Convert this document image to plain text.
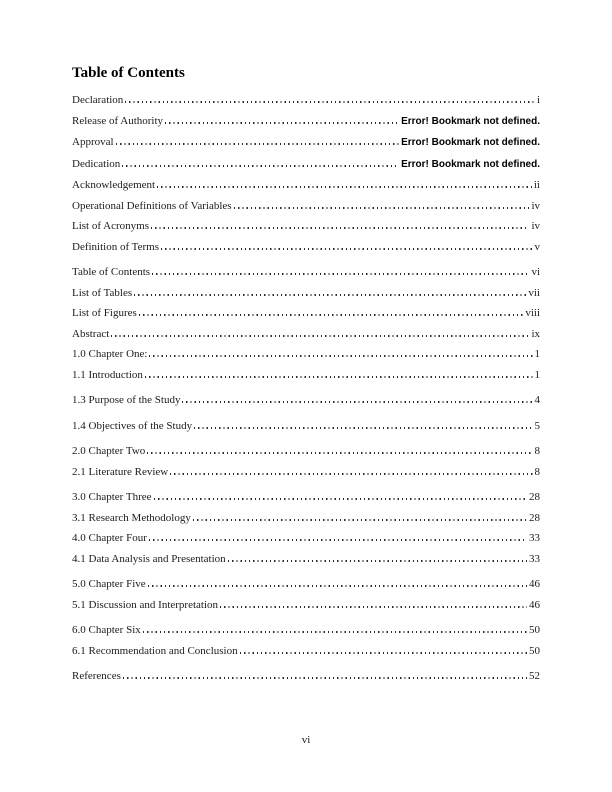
Table of Contents
Declaration	i
Release of Authority	Error! Bookmark not defined.
Approval	Error! Bookmark not defined.
Dedication	Error! Bookmark not defined.
Acknowledgement	ii
Operational Definitions of Variables	iv
List of Acronyms	iv
Definition of Terms	v
Table of Contents	vi
List of Tables	vii
List of Figures	viii
Abstract	ix
1.0 Chapter One:	1
1.1 Introduction	1
1.3 Purpose of the Study	4
1.4 Objectives of the Study	5
2.0 Chapter Two	8
2.1 Literature Review	8
3.0 Chapter Three	28
3.1 Research Methodology	28
4.0 Chapter Four	33
4.1 Data Analysis and Presentation	33
5.0 Chapter Five	46
5.1 Discussion and Interpretation	46
6.0 Chapter Six	50
6.1 Recommendation and Conclusion	50
References	52
vi
